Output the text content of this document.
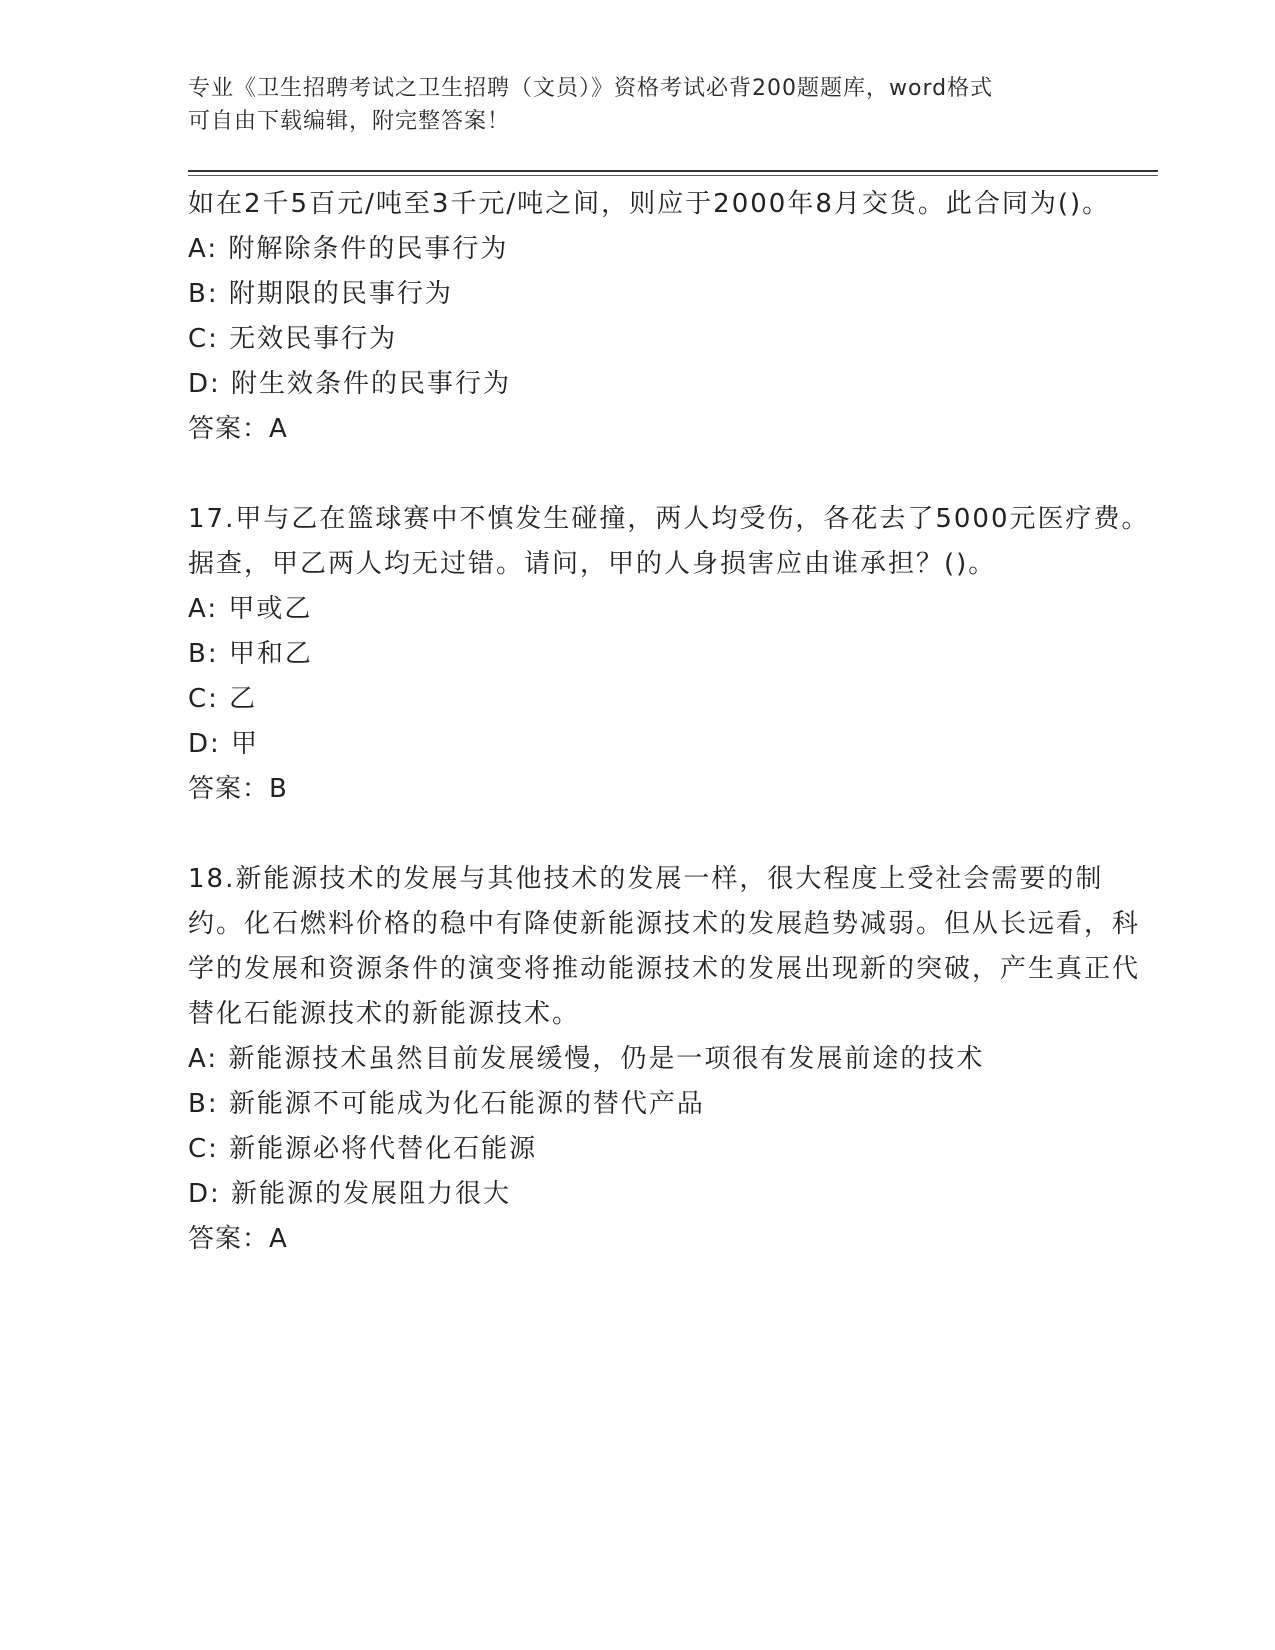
专业《卫生招聘考试之卫生招聘（文员）》资格考试必背200题题库，word格式
可自由下载编辑，附完整答案！

如在2千5百元/吨至3千元/吨之间，则应于2000年8月交货。此合同为()。

A: 附解除条件的民事行为

B: 附期限的民事行为

C: 无效民事行为

D: 附生效条件的民事行为

答案：A

17.甲与乙在篮球赛中不慎发生碰撞，两人均受伤，各花去了5000元医疗费。据查，甲乙两人均无过错。请问，甲的人身损害应由谁承担？()。

A: 甲或乙

B: 甲和乙

C: 乙

D: 甲

答案：B

18.新能源技术的发展与其他技术的发展一样，很大程度上受社会需要的制约。化石燃料价格的稳中有降使新能源技术的发展趋势减弱。但从长远看，科学的发展和资源条件的演变将推动能源技术的发展出现新的突破，产生真正代替化石能源技术的新能源技术。

A: 新能源技术虽然目前发展缓慢，仍是一项很有发展前途的技术

B: 新能源不可能成为化石能源的替代产品

C: 新能源必将代替化石能源

D: 新能源的发展阻力很大

答案：A
